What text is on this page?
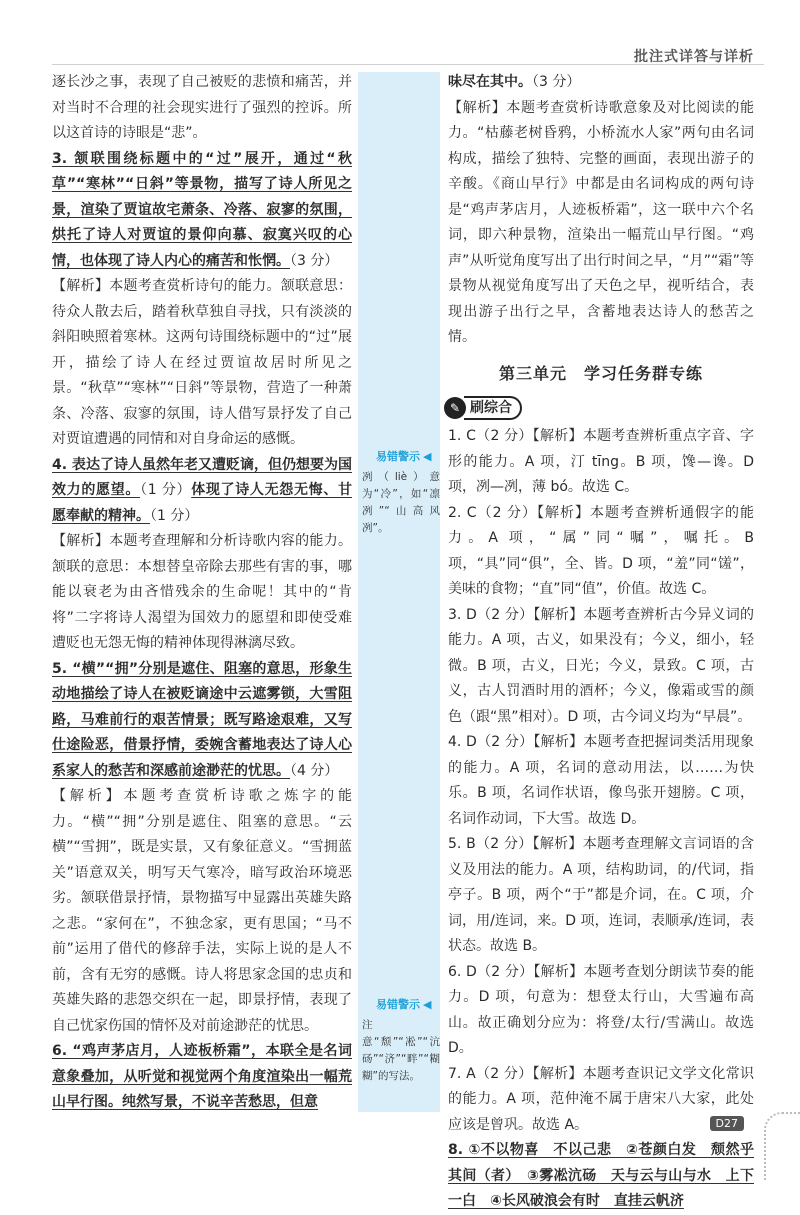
批注式详答与详析
易错警示 ◀

冽（liè）意为“冷”，如“凛冽”“山高风冽”。

易错警示 ◀

注意“颓”“凇”“沆砀”“济”“畔”“糊糊”的写法。

逐长沙之事，表现了自己被贬的悲愤和痛苦，并对当时不合理的社会现实进行了强烈的控诉。所以这首诗的诗眼是“悲”。

3. 颔联围绕标题中的“过”展开，通过“秋草”“寒林”“日斜”等景物，描写了诗人所见之景，渲染了贾谊故宅萧条、冷落、寂寥的氛围，烘托了诗人对贾谊的景仰向慕、寂寞兴叹的心情，也体现了诗人内心的痛苦和怅惘。（3 分）

【解析】本题考查赏析诗句的能力。颔联意思：待众人散去后，踏着秋草独自寻找，只有淡淡的斜阳映照着寒林。这两句诗围绕标题中的“过”展开，描绘了诗人在经过贾谊故居时所见之景。“秋草”“寒林”“日斜”等景物，营造了一种萧条、冷落、寂寥的氛围，诗人借写景抒发了自己对贾谊遭遇的同情和对自身命运的感慨。

4. 表达了诗人虽然年老又遭贬谪，但仍想要为国效力的愿望。（1 分）体现了诗人无怨无悔、甘愿奉献的精神。（1 分）

【解析】本题考查理解和分析诗歌内容的能力。颔联的意思：本想替皇帝除去那些有害的事，哪能以衰老为由吝惜残余的生命呢！其中的“肯将”二字将诗人渴望为国效力的愿望和即使受难遭贬也无怨无悔的精神体现得淋漓尽致。

5. “横”“拥”分别是遮住、阻塞的意思，形象生动地描绘了诗人在被贬谪途中云遮雾锁，大雪阻路，马难前行的艰苦情景；既写路途艰难，又写仕途险恶，借景抒情，委婉含蓄地表达了诗人心系家人的愁苦和深感前途渺茫的忧思。（4 分）

【解析】本题考查赏析诗歌之炼字的能力。“横”“拥”分别是遮住、阻塞的意思。“云横”“雪拥”，既是实景，又有象征意义。“雪拥蓝关”语意双关，明写天气寒冷，暗写政治环境恶劣。颔联借景抒情，景物描写中显露出英雄失路之悲。“家何在”，不独念家，更有思国；“马不前”运用了借代的修辞手法，实际上说的是人不前，含有无穷的感慨。诗人将思家念国的忠贞和英雄失路的悲怨交织在一起，即景抒情，表现了自己忧家伤国的情怀及对前途渺茫的忧思。

6. “鸡声茅店月，人迹板桥霜”，本联全是名词意象叠加，从听觉和视觉两个角度渲染出一幅荒山早行图。纯然写景，不说辛苦愁思，但意

味尽在其中。（3 分）

【解析】本题考查赏析诗歌意象及对比阅读的能力。“枯藤老树昏鸦，小桥流水人家”两句由名词构成，描绘了独特、完整的画面，表现出游子的辛酸。《商山早行》中都是由名词构成的两句诗是“鸡声茅店月，人迹板桥霜”，这一联中六个名词，即六种景物，渲染出一幅荒山早行图。“鸡声”从听觉角度写出了出行时间之早，“月”“霜”等景物从视觉角度写出了天色之早，视听结合，表现出游子出行之早，含蓄地表达诗人的愁苦之情。

第三单元　学习任务群专练
✎ 刷综合

1. C（2 分）【解析】本题考查辨析重点字音、字形的能力。A 项，汀 tīng。B 项，馋—谗。D 项，冽—冽，薄 bó。故选 C。

2. C（2 分）【解析】本题考查辨析通假字的能力。A 项，“属”同“嘱”，嘱托。B 项，“具”同“俱”，全、皆。D 项，“羞”同“馐”，美味的食物；“直”同“值”，价值。故选 C。

3. D（2 分）【解析】本题考查辨析古今异义词的能力。A 项，古义，如果没有；今义，细小，轻微。B 项，古义，日光；今义，景致。C 项，古义，古人罚酒时用的酒杯；今义，像霜或雪的颜色（跟“黑”相对）。D 项，古今词义均为“早晨”。

4. D（2 分）【解析】本题考查把握词类活用现象的能力。A 项，名词的意动用法，以……为快乐。B 项，名词作状语，像鸟张开翅膀。C 项，名词作动词，下大雪。故选 D。

5. B（2 分）【解析】本题考查理解文言词语的含义及用法的能力。A 项，结构助词，的/代词，指亭子。B 项，两个“于”都是介词，在。C 项，介词，用/连词，来。D 项，连词，表顺承/连词，表状态。故选 B。

6. D（2 分）【解析】本题考查划分朗读节奏的能力。D 项，句意为：想登太行山，大雪遍布高山。故正确划分应为：将登/太行/雪满山。故选 D。

7. A（2 分）【解析】本题考查识记文学文化常识的能力。A 项，范仲淹不属于唐宋八大家，此处应该是曾巩。故选 A。

8. ①不以物喜　不以己悲　②苍颜白发　颓然乎其间（者）　③雾凇沆砀　天与云与山与水　上下一白　④长风破浪会有时　直挂云帆济

D27
